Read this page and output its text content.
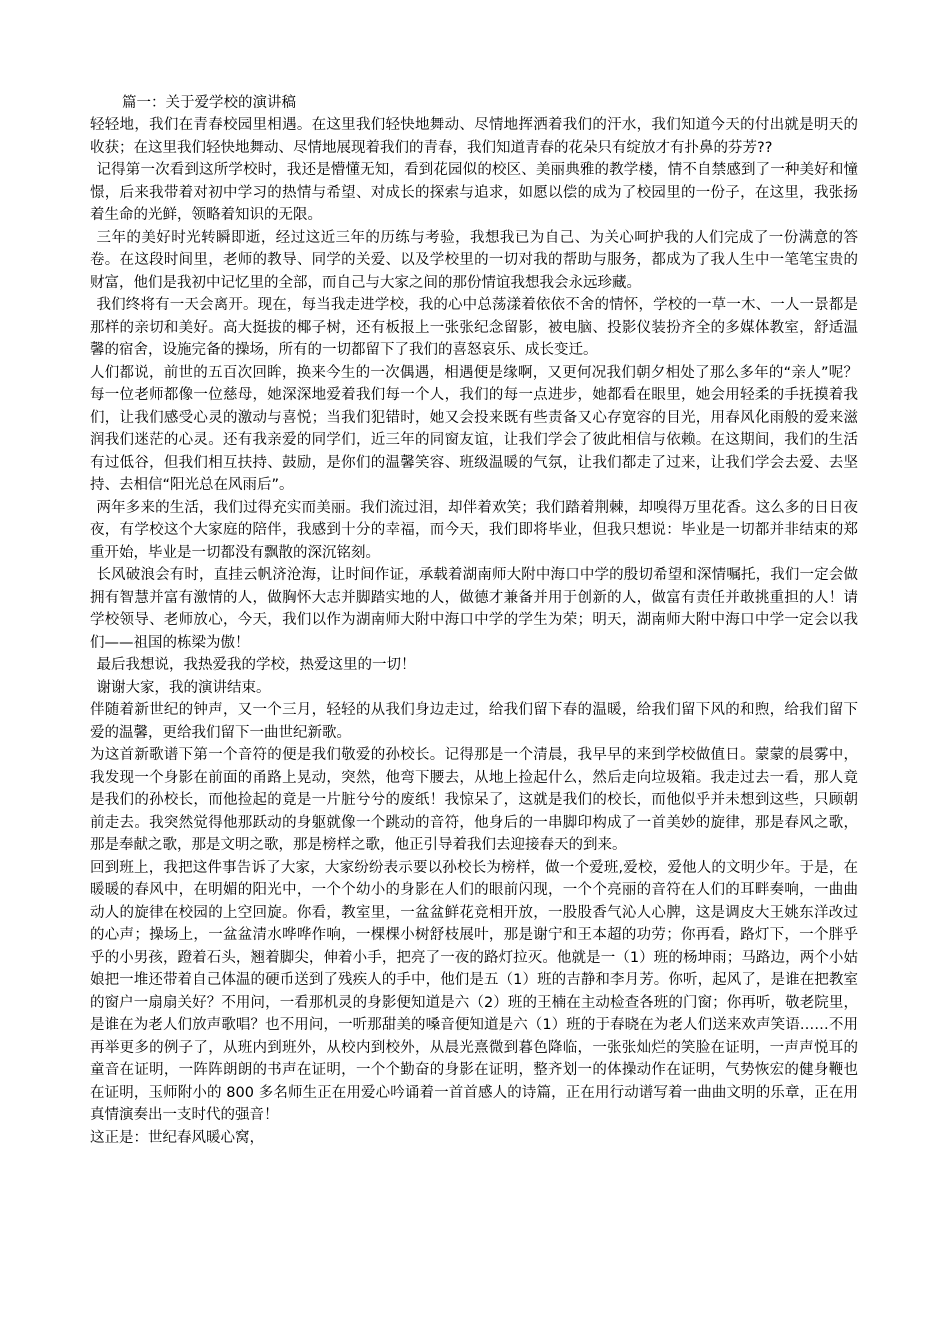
篇一：关于爱学校的演讲稿

轻轻地，我们在青春校园里相遇。在这里我们轻快地舞动、尽情地挥洒着我们的汗水，我们知道今天的付出就是明天的收获；在这里我们轻快地舞动、尽情地展现着我们的青春，我们知道青春的花朵只有绽放才有扑鼻的芬芳??

记得第一次看到这所学校时，我还是懵懂无知，看到花园似的校区、美丽典雅的教学楼，情不自禁感到了一种美好和憧憬，后来我带着对初中学习的热情与希望、对成长的探索与追求，如愿以偿的成为了校园里的一份子，在这里，我张扬着生命的光鲜，领略着知识的无限。

三年的美好时光转瞬即逝，经过这近三年的历练与考验，我想我已为自己、为关心呵护我的人们完成了一份满意的答卷。在这段时间里，老师的教导、同学的关爱、以及学校里的一切对我的帮助与服务，都成为了我人生中一笔笔宝贵的财富，他们是我初中记忆里的全部，而自己与大家之间的那份情谊我想我会永远珍藏。

我们终将有一天会离开。现在，每当我走进学校，我的心中总荡漾着依依不舍的情怀，学校的一草一木、一人一景都是那样的亲切和美好。高大挺拔的椰子树，还有板报上一张张纪念留影，被电脑、投影仪装扮齐全的多媒体教室，舒适温馨的宿舍，设施完备的操场，所有的一切都留下了我们的喜怒哀乐、成长变迁。

人们都说，前世的五百次回眸，换来今生的一次偶遇，相遇便是缘啊，又更何况我们朝夕相处了那么多年的“亲人”呢？每一位老师都像一位慈母，她深深地爱着我们每一个人，我们的每一点进步，她都看在眼里，她会用轻柔的手抚摸着我们，让我们感受心灵的激动与喜悦；当我们犯错时，她又会投来既有些责备又心存宽容的目光，用春风化雨般的爱来滋润我们迷茫的心灵。还有我亲爱的同学们，近三年的同窗友谊，让我们学会了彼此相信与依赖。在这期间，我们的生活有过低谷，但我们相互扶持、鼓励，是你们的温馨笑容、班级温暖的气氛，让我们都走了过来，让我们学会去爱、去坚持、去相信“阳光总在风雨后”。

两年多来的生活，我们过得充实而美丽。我们流过泪，却伴着欢笑；我们踏着荆棘，却嗅得万里花香。这么多的日日夜夜，有学校这个大家庭的陪伴，我感到十分的幸福，而今天，我们即将毕业，但我只想说：毕业是一切都并非结束的郑重开始，毕业是一切都没有飘散的深沉铭刻。

长风破浪会有时，直挂云帆济沧海，让时间作证，承载着湖南师大附中海口中学的殷切希望和深情嘱托，我们一定会做拥有智慧并富有激情的人，做胸怀大志并脚踏实地的人，做德才兼备并用于创新的人，做富有责任并敢挑重担的人！请学校领导、老师放心，今天，我们以作为湖南师大附中海口中学的学生为荣；明天，湖南师大附中海口中学一定会以我们——祖国的栋梁为傲！

最后我想说，我热爱我的学校，热爱这里的一切！

谢谢大家，我的演讲结束。

伴随着新世纪的钟声，又一个三月，轻轻的从我们身边走过，给我们留下春的温暖，给我们留下风的和煦，给我们留下爱的温馨，更给我们留下一曲世纪新歌。

为这首新歌谱下第一个音符的便是我们敬爱的孙校长。记得那是一个清晨，我早早的来到学校做值日。蒙蒙的晨雾中，我发现一个身影在前面的甬路上晃动，突然，他弯下腰去，从地上捡起什么，然后走向垃圾箱。我走过去一看，那人竟是我们的孙校长，而他捡起的竟是一片脏兮兮的废纸！我惊呆了，这就是我们的校长，而他似乎并未想到这些，只顾朝前走去。我突然觉得他那跃动的身躯就像一个跳动的音符，他身后的一串脚印构成了一首美妙的旋律，那是春风之歌，那是奉献之歌，那是文明之歌，那是榜样之歌，他正引导着我们去迎接春天的到来。

回到班上，我把这件事告诉了大家，大家纷纷表示要以孙校长为榜样，做一个爱班,爱校，爱他人的文明少年。于是，在暖暖的春风中，在明媚的阳光中，一个个幼小的身影在人们的眼前闪现，一个个亮丽的音符在人们的耳畔奏响，一曲曲动人的旋律在校园的上空回旋。你看，教室里，一盆盆鲜花竞相开放，一股股香气沁人心脾，这是调皮大王姚东洋改过的心声；操场上，一盆盆清水哗哗作响，一棵棵小树舒枝展叶，那是谢宁和王本超的功劳；你再看，路灯下，一个胖乎乎的小男孩，蹬着石头，翘着脚尖，伸着小手，把亮了一夜的路灯拉灭。他就是一（1）班的杨坤雨；马路边，两个小姑娘把一堆还带着自己体温的硬币送到了残疾人的手中，他们是五（1）班的吉静和李月芳。你听，起风了，是谁在把教室的窗户一扇扇关好？不用问，一看那机灵的身影便知道是六（2）班的王楠在主动检查各班的门窗；你再听，敬老院里，是谁在为老人们放声歌唱？也不用问，一听那甜美的嗓音便知道是六（1）班的于春晓在为老人们送来欢声笑语……不用再举更多的例子了，从班内到班外，从校内到校外，从晨光熹微到暮色降临，一张张灿烂的笑脸在证明，一声声悦耳的童音在证明，一阵阵朗朗的书声在证明，一个个勤奋的身影在证明，整齐划一的体操动作在证明，气势恢宏的健身鞭也在证明，玉师附小的 800 多名师生正在用爱心吟诵着一首首感人的诗篇，正在用行动谱写着一曲曲文明的乐章，正在用真情演奏出一支时代的强音！

这正是：世纪春风暖心窝，
